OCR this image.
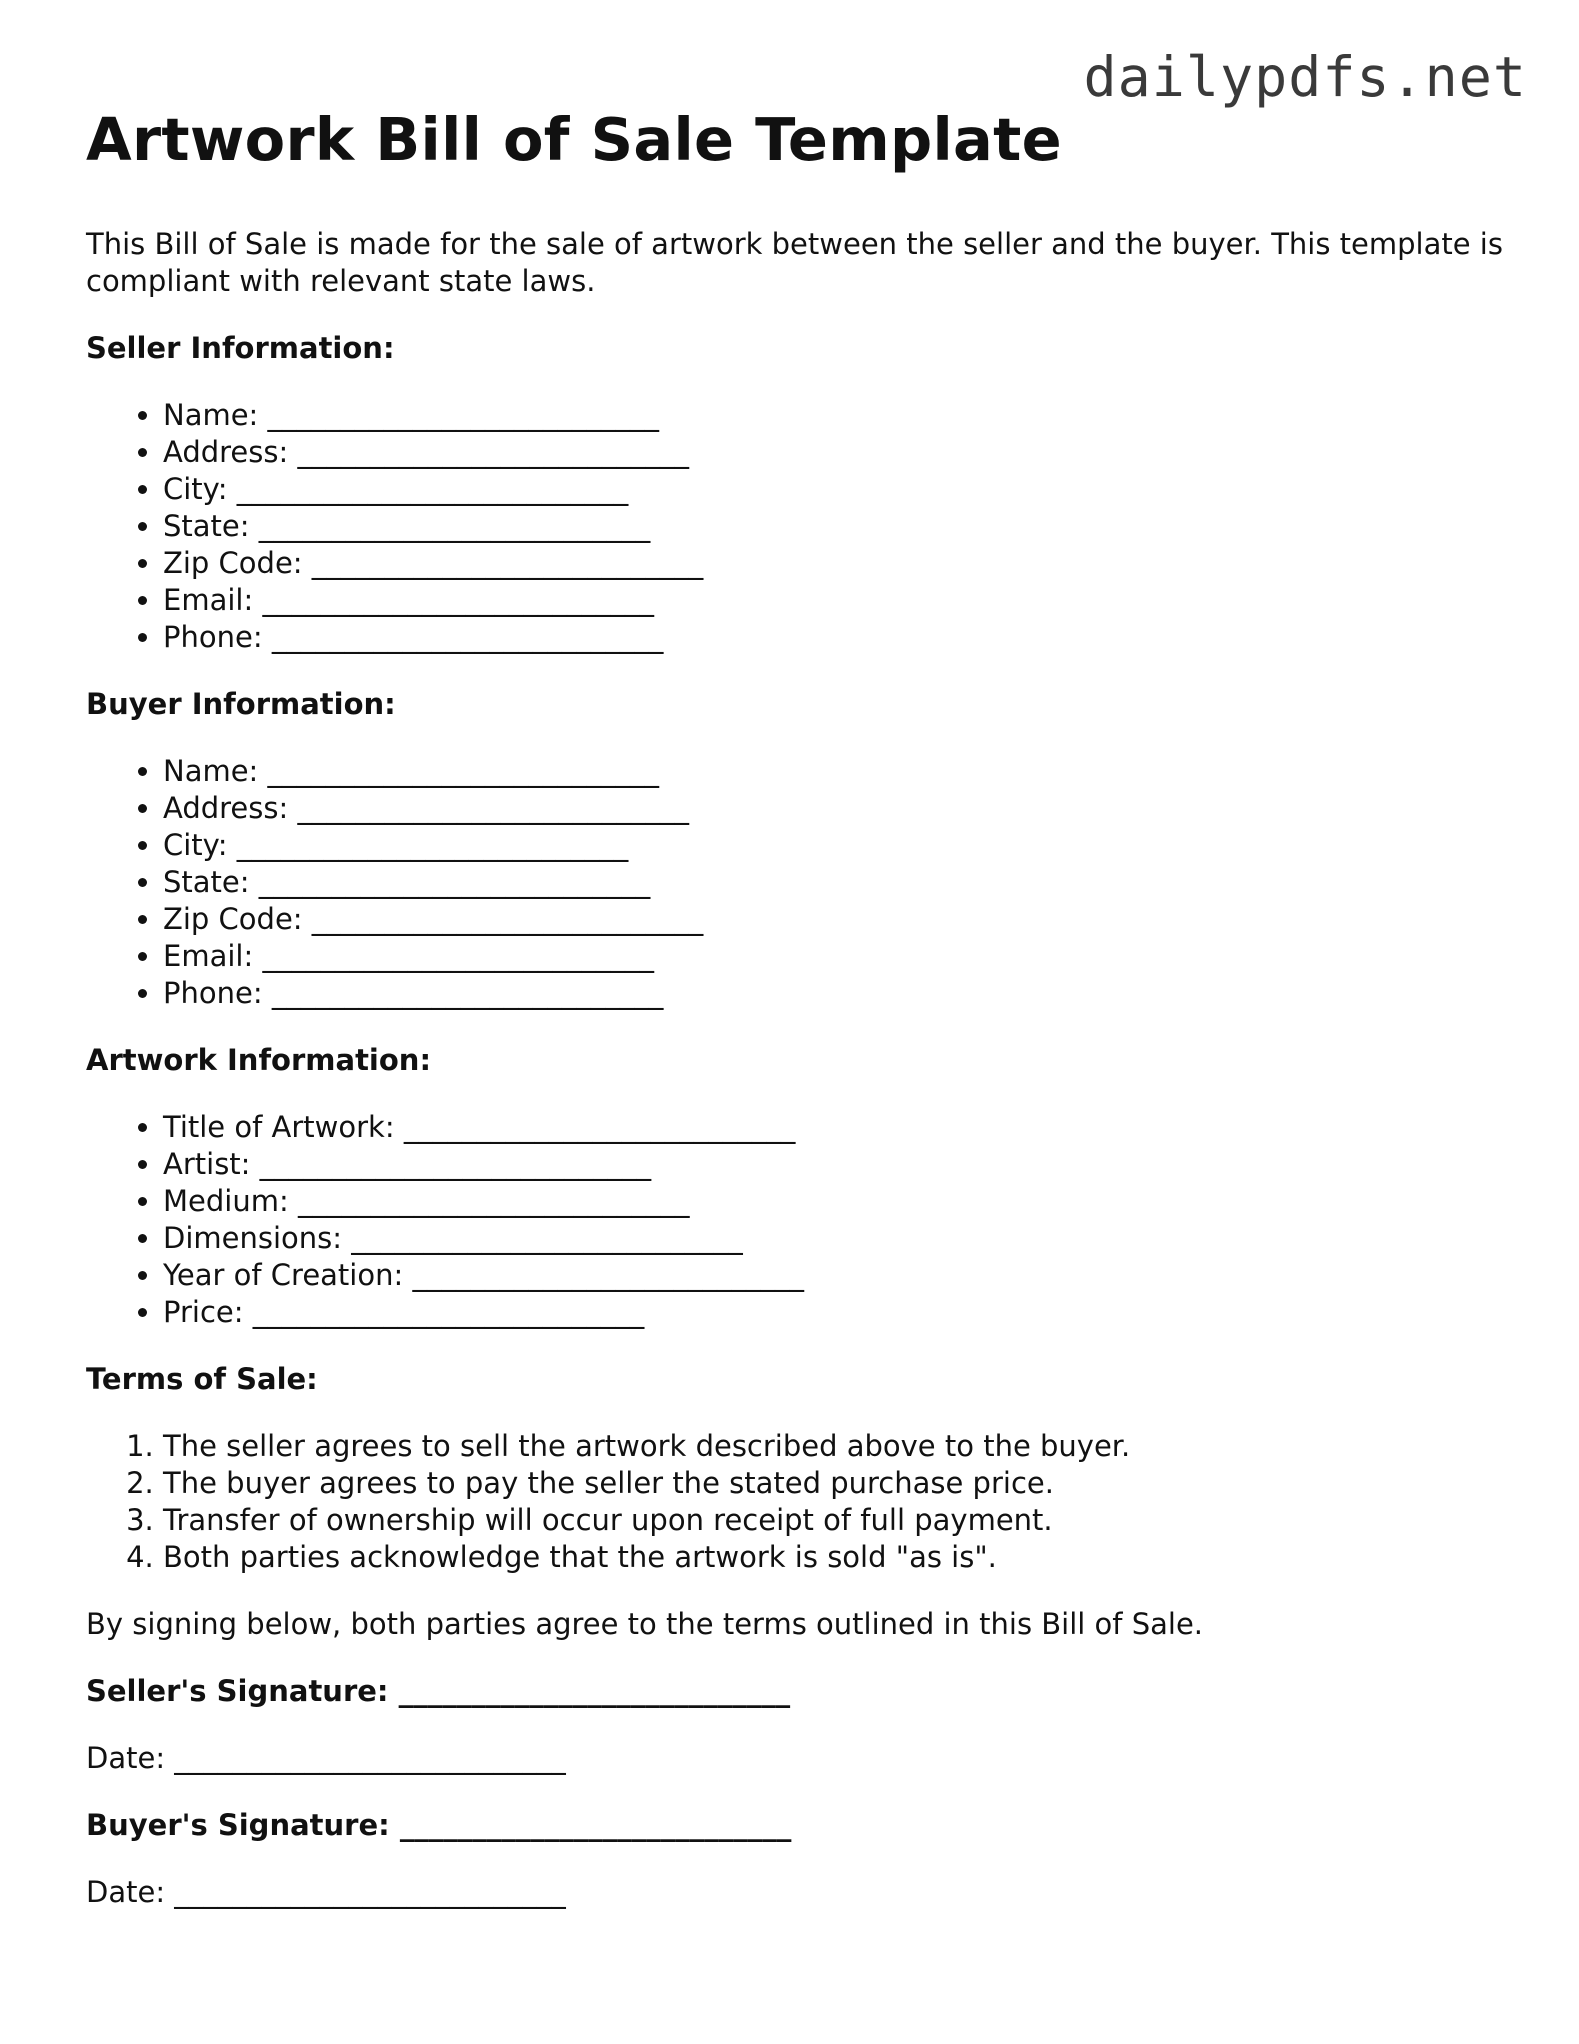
dailypdfs.net
Artwork Bill of Sale Template

This Bill of Sale is made for the sale of artwork between the seller and the buyer. This template is compliant with relevant state laws.

Seller Information:

• Name: ___________________________
• Address: ___________________________
• City: ___________________________
• State: ___________________________
• Zip Code: ___________________________
• Email: ___________________________
• Phone: ___________________________

Buyer Information:

• Name: ___________________________
• Address: ___________________________
• City: ___________________________
• State: ___________________________
• Zip Code: ___________________________
• Email: ___________________________
• Phone: ___________________________

Artwork Information:

• Title of Artwork: ___________________________
• Artist: ___________________________
• Medium: ___________________________
• Dimensions: ___________________________
• Year of Creation: ___________________________
• Price: ___________________________

Terms of Sale:

1. The seller agrees to sell the artwork described above to the buyer.
2. The buyer agrees to pay the seller the stated purchase price.
3. Transfer of ownership will occur upon receipt of full payment.
4. Both parties acknowledge that the artwork is sold "as is".

By signing below, both parties agree to the terms outlined in this Bill of Sale.

Seller's Signature: ___________________________

Date: ___________________________

Buyer's Signature: ___________________________

Date: ___________________________
